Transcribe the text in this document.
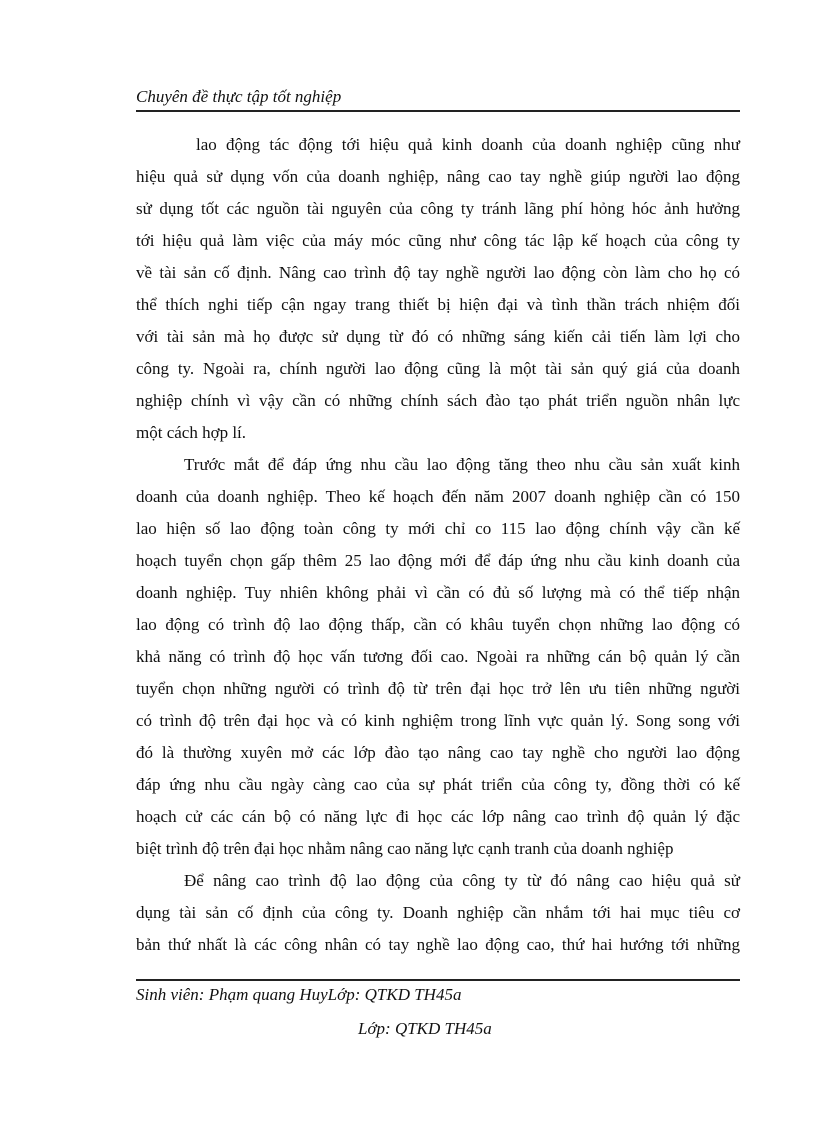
Chuyên đề thực tập tốt nghiệp

lao động tác động tới hiệu quả kinh doanh của doanh nghiệp cũng như
hiệu quả sử dụng vốn của doanh nghiệp, nâng cao tay nghề giúp người lao động
sử dụng tốt các nguồn tài nguyên của công ty tránh lãng phí hỏng hóc ảnh hưởng
tới hiệu quả làm việc của máy móc cũng như công tác lập kế hoạch của công ty
về tài sản cố định. Nâng cao trình độ tay nghề người lao động còn làm cho họ có
thể thích nghi tiếp cận ngay trang thiết bị hiện đại và tình thần trách nhiệm đối
với tài sản mà họ được sử dụng từ đó có những sáng kiến cải tiến làm lợi cho
công ty. Ngoài ra, chính người lao động cũng là một tài sản quý giá của doanh
nghiệp chính vì vậy cần có những chính sách đào tạo phát triển nguồn nhân lực
một cách hợp lí.

Trước mắt để đáp ứng nhu cầu lao động tăng theo nhu cầu sản xuất kinh
doanh của doanh nghiệp. Theo kế hoạch đến năm 2007 doanh nghiệp cần có 150
lao hiện số lao động toàn công ty mới chỉ co 115 lao động chính vậy cần kế
hoạch tuyển chọn gấp thêm 25 lao động mới để đáp ứng nhu cầu kinh doanh của
doanh nghiệp. Tuy nhiên không phải vì cần có đủ số lượng mà có thể tiếp nhận
lao động có trình độ lao động thấp, cần có khâu tuyển chọn những lao động có
khả năng có trình độ học vấn tương đối cao. Ngoài ra những cán bộ quản lý cần
tuyển chọn những người có trình độ từ trên đại học trở lên ưu tiên những người
có trình độ trên đại học và có kinh nghiệm trong lĩnh vực quản lý. Song song với
đó là thường xuyên mở các lớp đào tạo nâng cao tay nghề cho người lao động
đáp ứng nhu cầu ngày càng cao của sự phát triển của công ty, đồng thời có kế
hoạch cử các cán bộ có năng lực đi học các lớp nâng cao trình độ quản lý đặc
biệt trình độ trên đại học nhằm nâng cao năng lực cạnh tranh của doanh nghiệp

Để nâng cao trình độ lao động của công ty từ đó nâng cao hiệu quả sử
dụng tài sản cố định của công ty. Doanh nghiệp cần nhắm tới hai mục tiêu cơ
bản thứ nhất là các công nhân có tay nghề lao động cao, thứ hai hướng tới những

Sinh viên: Phạm quang HuyLớp: QTKD TH45a
Lớp: QTKD TH45a
